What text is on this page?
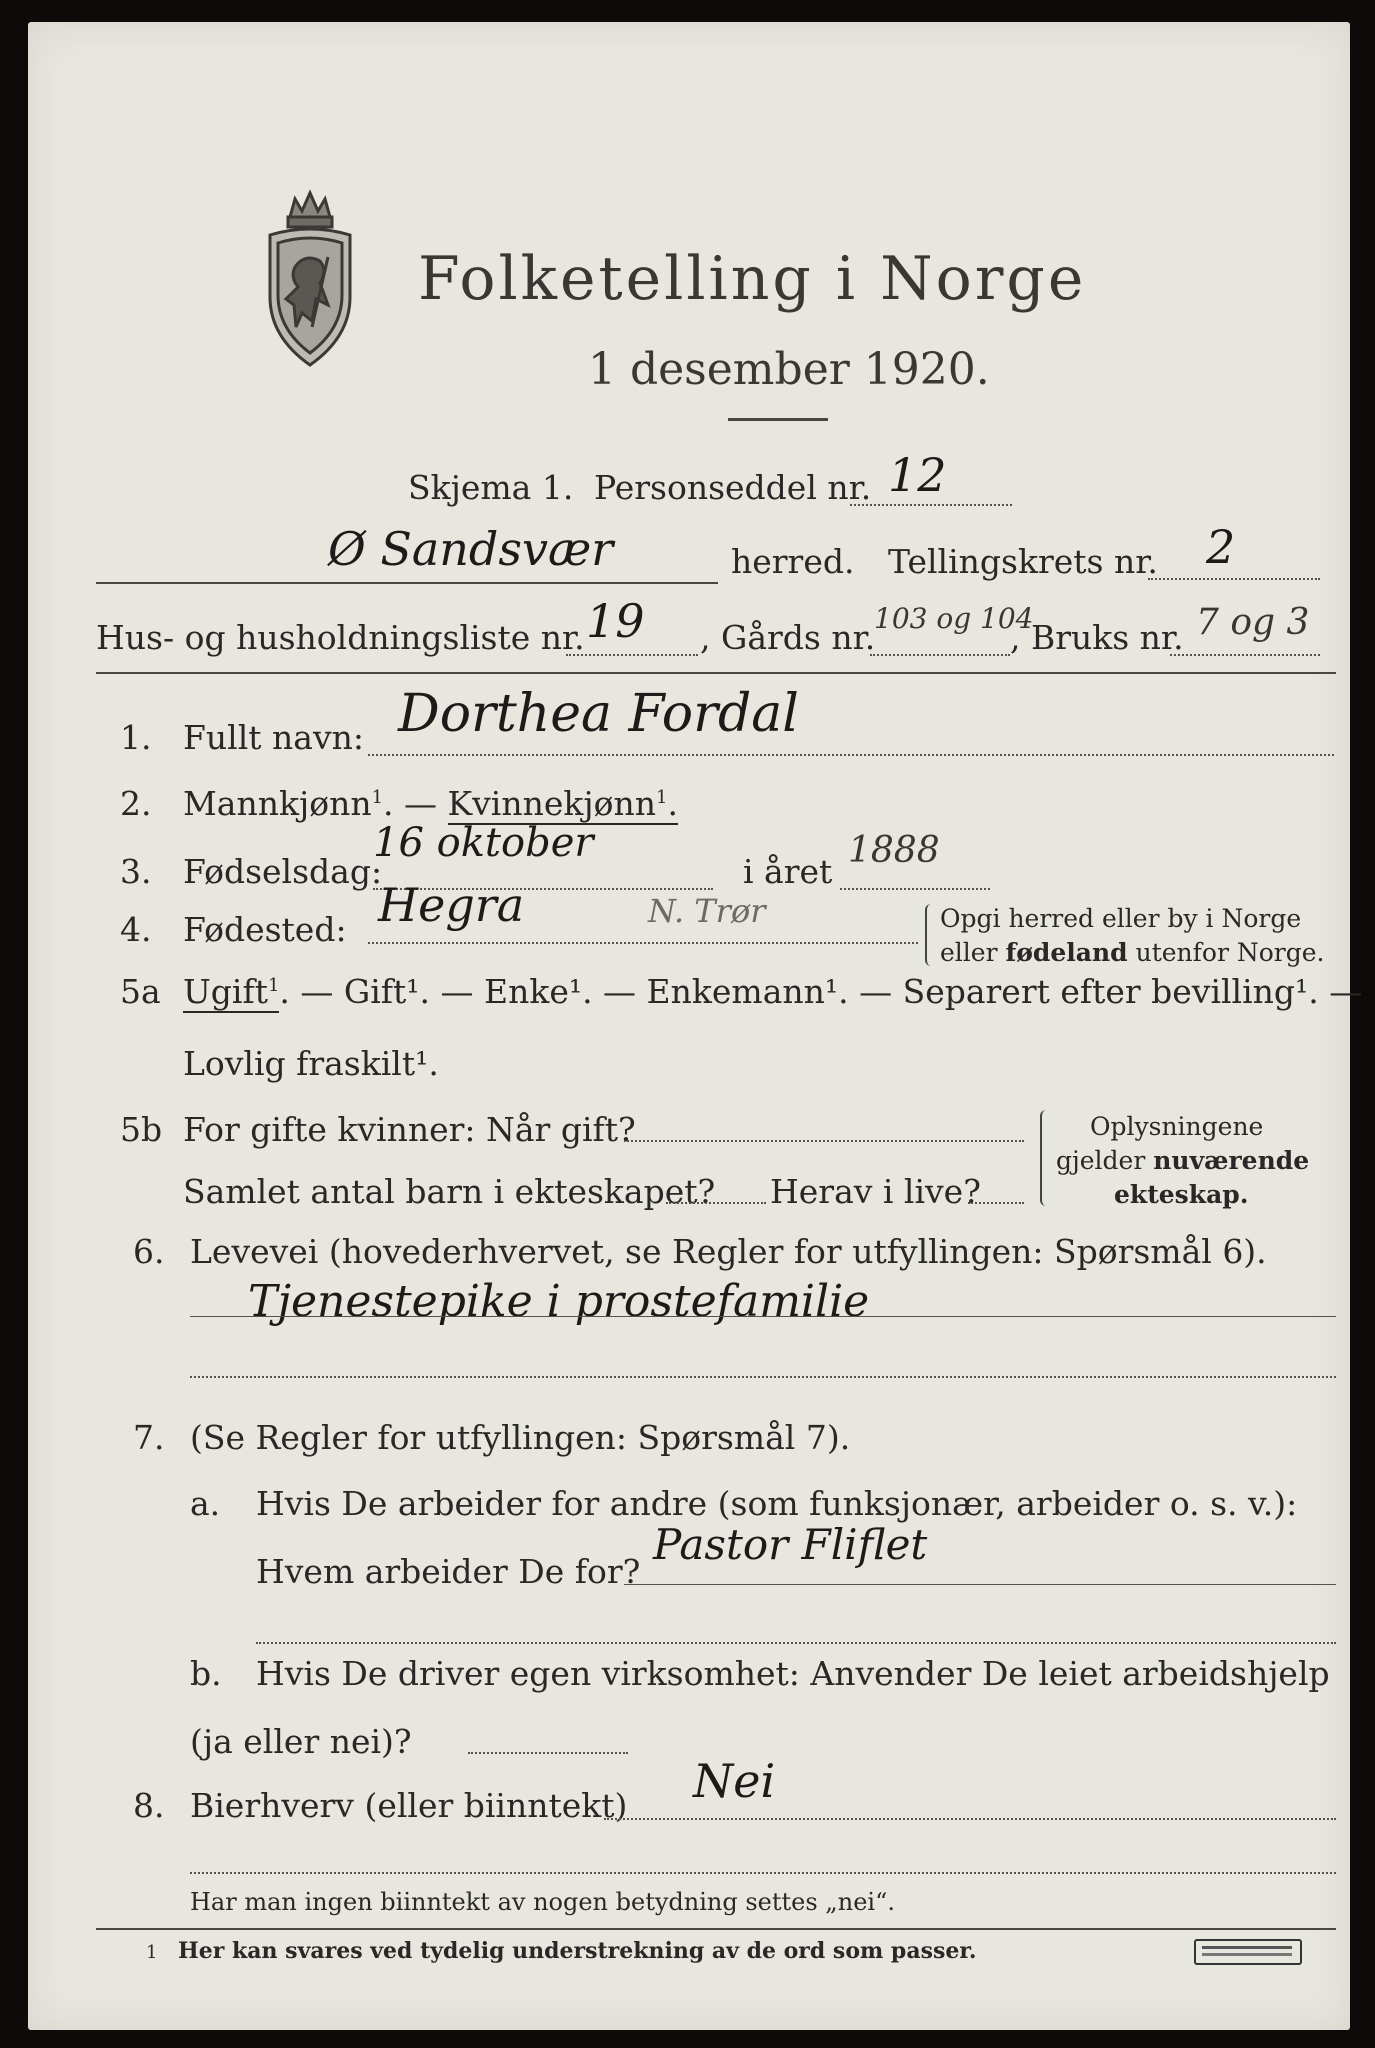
Folketelling i Norge
1 desember 1920.
Skjema 1. Personseddel nr. 12
Ø Sandsvær	herred. Tellingskrets nr. 2
Hus- og husholdningsliste nr. 19 , Gårds nr.
103 og 104
, Bruks nr. 7 og 3
1. Fullt navn: Dorthea Fordal
2. Mannkjønn$^1$. — Kvinnekjønn$^1$.
3. Fødselsdag:
16 oktober
i året
1888
4. Fødested: Hegra	N. Trør	Opgi herred eller by i Norge
eller fødeland utenfor Norge.
5a Ugift$^1$. — Gift¹. — Enke¹. — Enkemann¹. — Separert efter bevilling¹. —
Lovlig fraskilt¹.
5b For gifte kvinner: Når gift?
Samlet antal barn i ekteskapet? Herav i live?
Oplysningene
gjelder nuværende
ekteskap.
6. Levevei (hovederhvervet, se Regler for utfyllingen: Spørsmål 6).
Tjenestepike i prostefamilie
7. (Se Regler for utfyllingen: Spørsmål 7).
a. Hvis De arbeider for andre (som funksjonær, arbeider o. s. v.):
Hvem arbeider De for?
Pastor Fliflet
b. Hvis De driver egen virksomhet: Anvender De leiet arbeidshjelp
(ja eller nei)?
8. Bierhverv (eller biinntekt) Nei
Har man ingen biinntekt av nogen betydning settes „nei“.
1 Her kan svares ved tydelig understrekning av de ord som passer.
